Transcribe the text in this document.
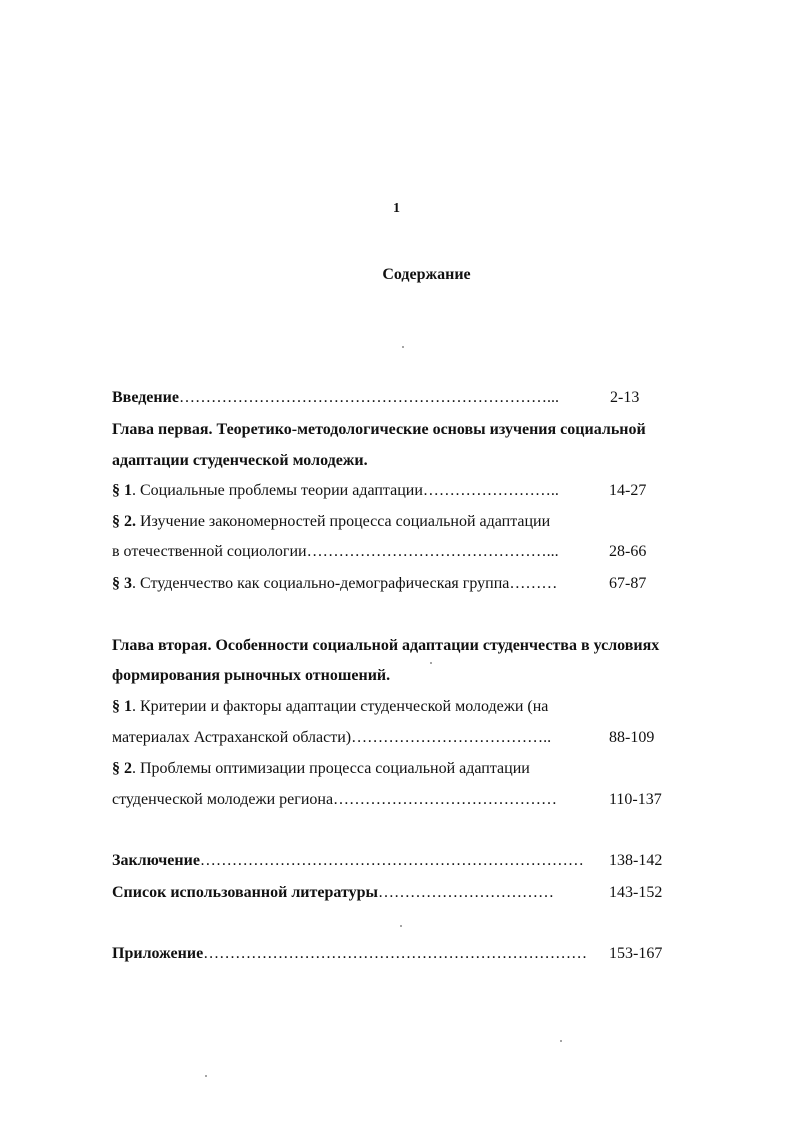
1
Содержание
Введение……………………………………………………………...	2-13
Глава первая. Теоретико-методологические основы изучения социальной
адаптации студенческой молодежи.
§ 1. Социальные проблемы теории адаптации……………………..	14-27
§ 2. Изучение закономерностей процесса социальной адаптации
в отечественной социологии………………………………………...	28-66
§ 3. Студенчество как социально-демографическая группа………	67-87
Глава вторая. Особенности социальной адаптации студенчества в условиях
формирования рыночных отношений.
§ 1. Критерии и факторы адаптации студенческой молодежи (на
материалах Астраханской области)………………………………..	88-109
§ 2. Проблемы оптимизации процесса социальной адаптации
студенческой молодежи региона……………………………………	110-137
Заключение……………………………………………………………… 138-142
Список использованной литературы……………………………	143-152
Приложение……………………………………………………………… 153-167
